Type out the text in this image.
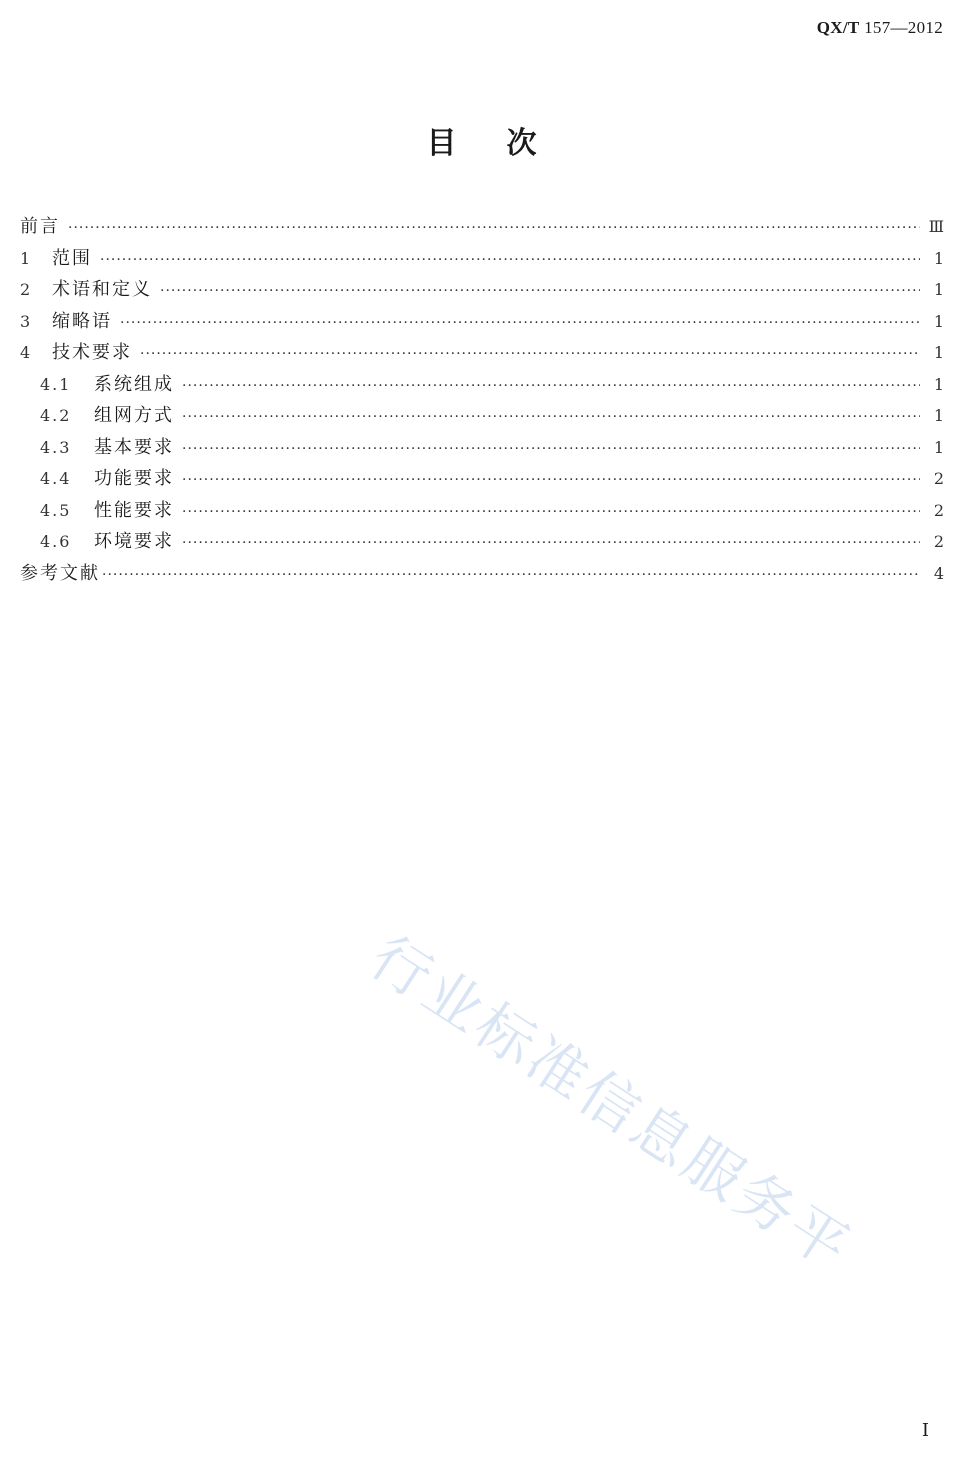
QX/T 157—2012
目次
前言 ·····	Ⅲ
1	范围 ·····	1
2	术语和定义 ·····	1
3	缩略语 ·····	1
4	技术要求 ·····	1
4.1	系统组成 ·····	1
4.2	组网方式 ·····	1
4.3	基本要求 ·····	1
4.4	功能要求 ·····	2
4.5	性能要求 ·····	2
4.6	环境要求 ·····	2
参考文献 ·····	4
行业标准信息服务平
I
